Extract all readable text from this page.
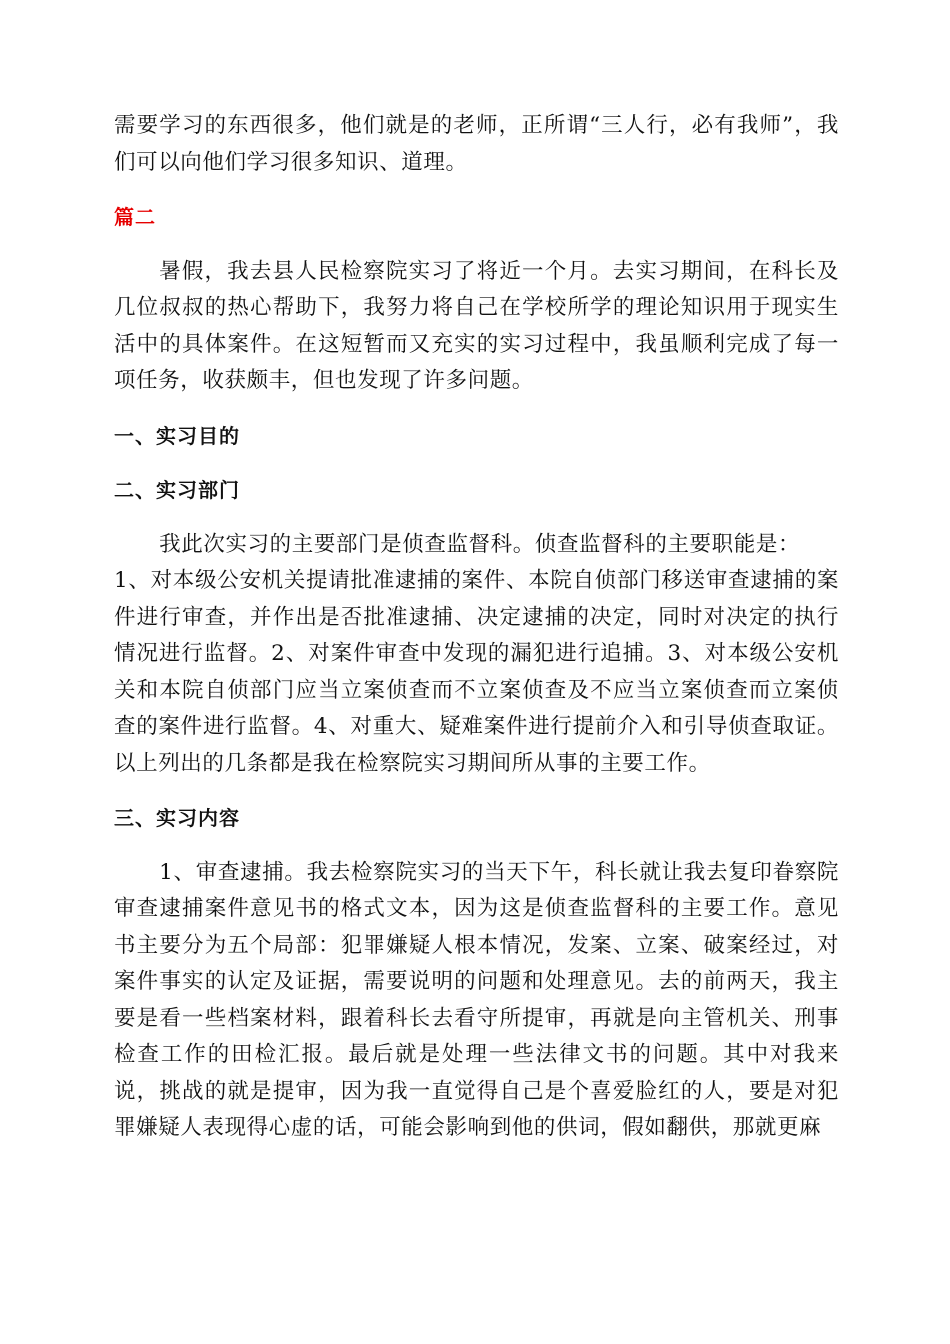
需要学习的东西很多，他们就是的老师，正所谓“三人行，必有我师”，我们可以向他们学习很多知识、道理。

篇二

暑假，我去县人民检察院实习了将近一个月。去实习期间，在科长及几位叔叔的热心帮助下，我努力将自己在学校所学的理论知识用于现实生活中的具体案件。在这短暂而又充实的实习过程中，我虽顺利完成了每一项任务，收获颇丰，但也发现了许多问题。

一、实习目的
二、实习部门
我此次实习的主要部门是侦查监督科。侦查监督科的主要职能是：

1、对本级公安机关提请批准逮捕的案件、本院自侦部门移送审查逮捕的案件进行审查，并作出是否批准逮捕、决定逮捕的决定，同时对决定的执行情况进行监督。2、对案件审查中发现的漏犯进行追捕。3、对本级公安机关和本院自侦部门应当立案侦查而不立案侦查及不应当立案侦查而立案侦查的案件进行监督。4、对重大、疑难案件进行提前介入和引导侦查取证。以上列出的几条都是我在检察院实习期间所从事的主要工作。

三、实习内容

1、审查逮捕。我去检察院实习的当天下午，科长就让我去复印眷察院审查逮捕案件意见书的格式文本，因为这是侦查监督科的主要工作。意见书主要分为五个局部：犯罪嫌疑人根本情况，发案、立案、破案经过，对案件事实的认定及证据，需要说明的问题和处理意见。去的前两天，我主要是看一些档案材料，跟着科长去看守所提审，再就是向主管机关、刑事检查工作的田检汇报。最后就是处理一些法律文书的问题。其中对我来说，挑战的就是提审，因为我一直觉得自己是个喜爱脸红的人，要是对犯罪嫌疑人表现得心虚的话，可能会影响到他的供词，假如翻供，那就更麻
